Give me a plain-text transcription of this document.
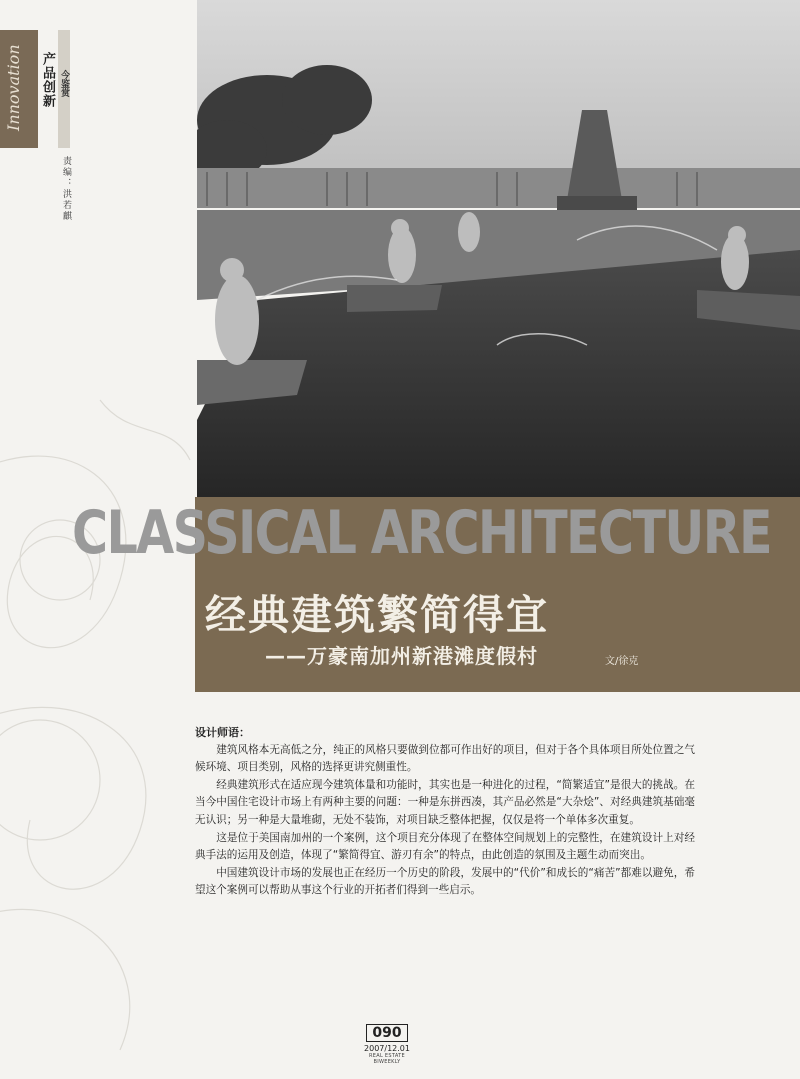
Innovation	产品创新 今鉴赏
责编：洪若麒
CLASSICAL ARCHITECTURE
经典建筑繁简得宜
——万豪南加州新港滩度假村	文/徐克
设计师语：

建筑风格本无高低之分，纯正的风格只要做到位都可作出好的项目，但对于各个具体项目所处位置之气候环境、项目类别，风格的选择更讲究侧重性。

经典建筑形式在适应现今建筑体量和功能时，其实也是一种进化的过程，“简繁适宜”是很大的挑战。在当今中国住宅设计市场上有两种主要的问题：一种是东拼西凑，其产品必然是“大杂烩”、对经典建筑基础毫无认识；另一种是大量堆砌，无处不装饰，对项目缺乏整体把握，仅仅是将一个单体多次重复。

这是位于美国南加州的一个案例，这个项目充分体现了在整体空间规划上的完整性，在建筑设计上对经典手法的运用及创造，体现了“繁简得宜、游刃有余”的特点，由此创造的氛围及主题生动而突出。

中国建筑设计市场的发展也正在经历一个历史的阶段，发展中的“代价”和成长的“痛苦”都难以避免，希望这个案例可以帮助从事这个行业的开拓者们得到一些启示。

090
2007/12.01
REAL ESTATE BIWEEKLY
